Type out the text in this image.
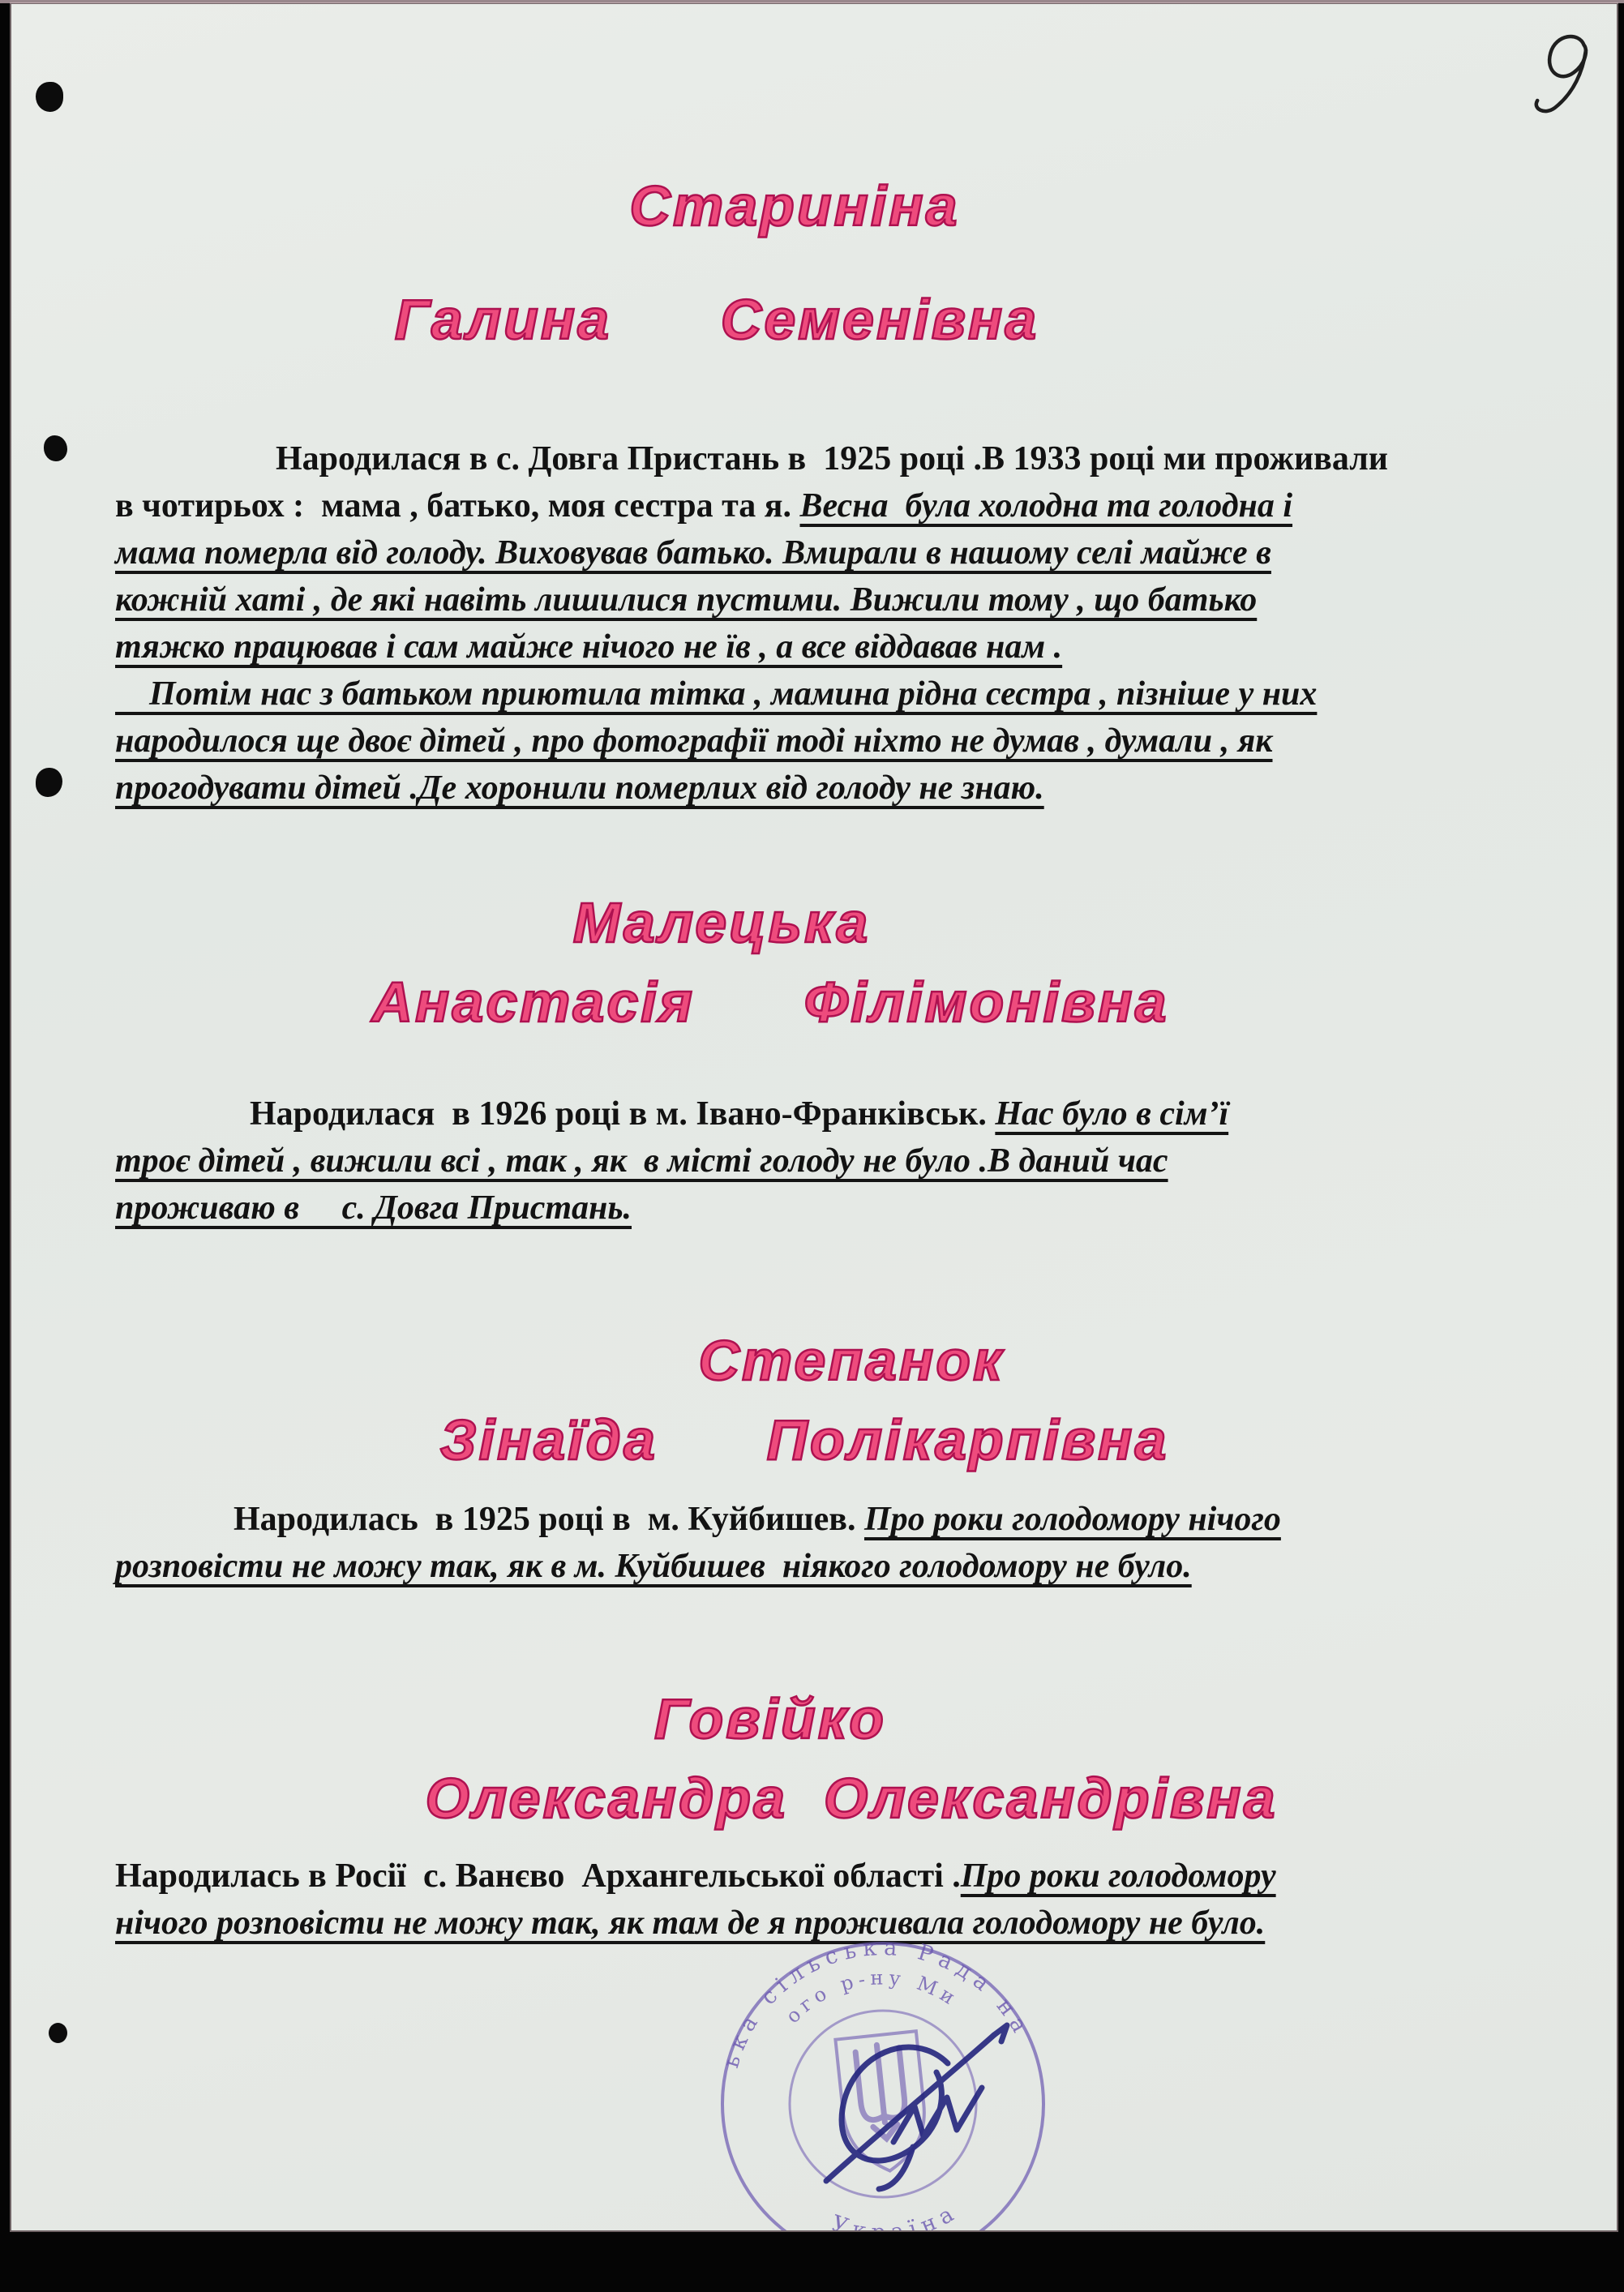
Стариніна
Галина      Семенівна
Народилася в с. Довга Пристань в  1925 році .В 1933 році ми проживали
в чотирьох :  мама , батько, моя сестра та я. Весна  була холодна та голодна і
мама померла від голоду. Виховував батько. Вмирали в нашому селі майже в
кожній хаті , де які навіть лишилися пустими. Вижили тому , що батько
тяжко працював і сам майже нічого не їв , а все віддавав нам .
Потім нас з батьком приютила тітка , мамина рідна сестра , пізніше у них
народилося ще двоє дітей , про фотографії тоді ніхто не думав , думали , як
прогодувати дітей .Де хоронили померлих від голоду не знаю.
Малецька
Анастасія      Філімонівна
Народилася  в 1926 році в м. Івано-Франківськ. Нас було в сім’ї
троє дітей , вижили всі , так , як  в місті голоду не було .В даний час
проживаю в     с. Довга Пристань.
Степанок
Зінаїда      Полікарпівна
Народилась  в 1925 році в  м. Куйбишев. Про роки голодомору нічого
розповісти не можу так, як в м. Куйбишев  ніякого голодомору не було.
Говійко
Олександра  Олександрівна
Народилась в Росії  с. Ванєво  Архангельської області .Про роки голодомору
нічого розповісти не можу так, як там де я проживала голодомору не було.
ька сільська Рада на
ого р-ну Ми
Україна
